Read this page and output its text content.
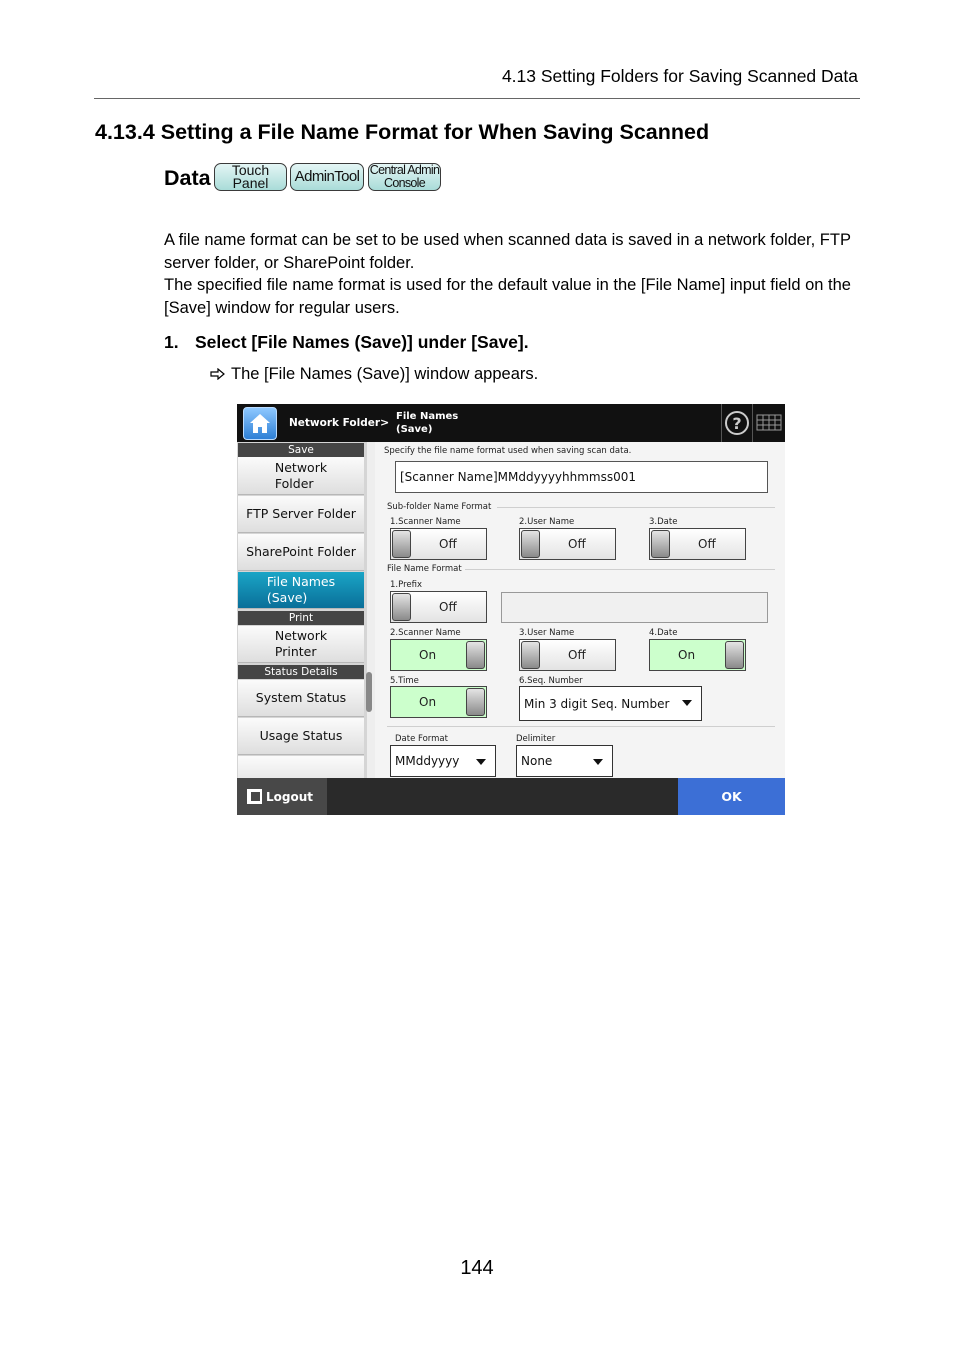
4.13 Setting Folders for Saving Scanned Data
4.13.4 Setting a File Name Format for When Saving Scanned
Data	Touch
Panel	AdminTool Central Admin
Console
A file name format can be set to be used when scanned data is saved in a network folder, FTP server folder, or SharePoint folder.
The specified file name format is used for the default value in the [File Name] input field on the [Save] window for regular users.
1. Select [File Names (Save)] under [Save].
The [File Names (Save)] window appears.
Network Folder > File Names
(Save)	?
Save
Network
Folder
FTP Server Folder
SharePoint Folder
File Names
(Save)
Print
Network
Printer
Status Details
System Status
Usage Status
Specify the file name format used when saving scan data.
[Scanner Name]MMddyyyyhhmmss001
Sub-folder Name Format
1.Scanner Name
Off
2.User Name
Off
3.Date
Off
File Name Format
1.Prefix
Off
2.Scanner Name
On
3.User Name
Off
4.Date
On
5.Time
On
6.Seq. Number
Min 3 digit Seq. Number
Date Format
MMddyyyy
Delimiter
None
Logout	OK
144
